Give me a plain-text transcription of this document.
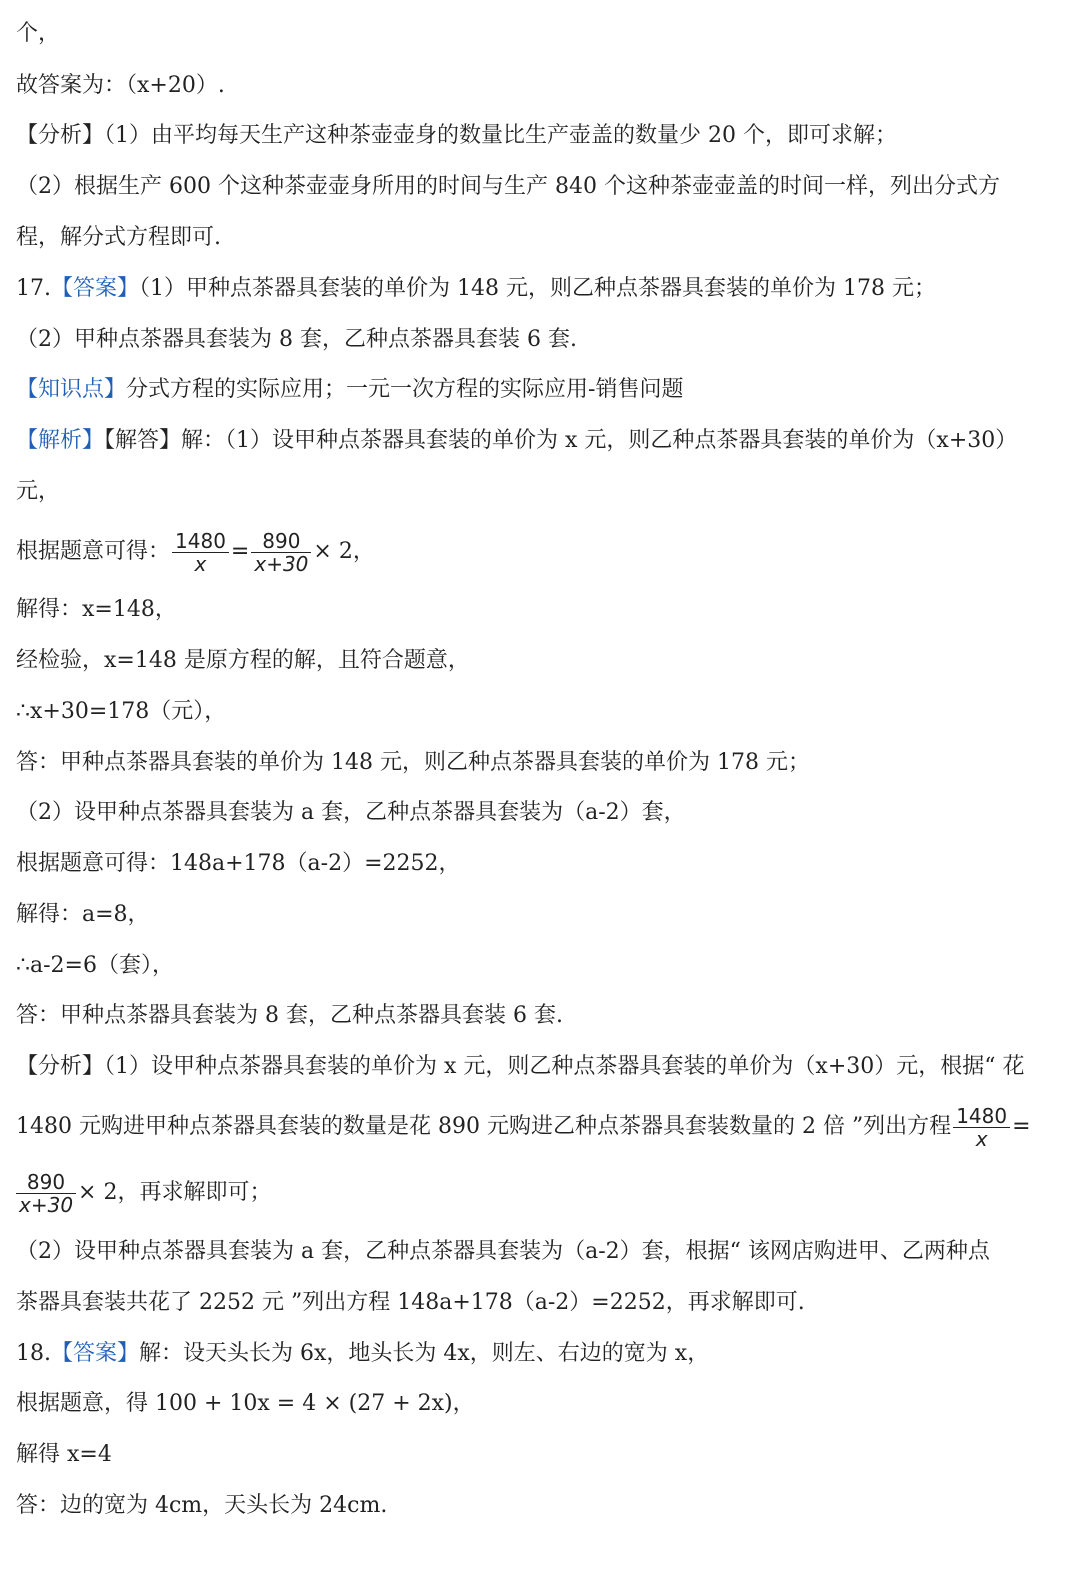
个，
故答案为：（x+20）.
【分析】（1）由平均每天生产这种茶壶壶身的数量比生产壶盖的数量少 20 个，即可求解；
（2）根据生产 600 个这种茶壶壶身所用的时间与生产 840 个这种茶壶壶盖的时间一样，列出分式方
程，解分式方程即可.
17.【答案】（1）甲种点茶器具套装的单价为 148 元，则乙种点茶器具套装的单价为 178 元；
（2）甲种点茶器具套装为 8 套，乙种点茶器具套装 6 套.
【知识点】分式方程的实际应用；一元一次方程的实际应用-销售问题
【解析】【解答】解：（1）设甲种点茶器具套装的单价为 x 元，则乙种点茶器具套装的单价为（x+30）
元，
根据题意可得： $\frac{1480}{x} = \frac{890}{x+30} \times 2$，
解得：x=148，
经检验，x=148 是原方程的解，且符合题意，
∴x+30=178（元），
答：甲种点茶器具套装的单价为 148 元，则乙种点茶器具套装的单价为 178 元；
（2）设甲种点茶器具套装为 a 套，乙种点茶器具套装为（a-2）套，
根据题意可得：148a+178（a-2）=2252，
解得：a=8，
∴a-2=6（套），
答：甲种点茶器具套装为 8 套，乙种点茶器具套装 6 套.
【分析】（1）设甲种点茶器具套装的单价为 x 元，则乙种点茶器具套装的单价为（x+30）元，根据“ 花
1480 元购进甲种点茶器具套装的数量是花 890 元购进乙种点茶器具套装数量的 2 倍 ”列出方程 $\frac{1480}{x}$ =
$\frac{890}{x+30} \times 2$，再求解即可；
（2）设甲种点茶器具套装为 a 套，乙种点茶器具套装为（a-2）套，根据“ 该网店购进甲、乙两种点
茶器具套装共花了 2252 元 ”列出方程 148a+178（a-2）=2252，再求解即可.
18.【答案】解：设天头长为 6x，地头长为 4x，则左、右边的宽为 x，
根据题意，得 100 + 10x = 4 × (27 + 2x)，
解得 x=4
答：边的宽为 4cm，天头长为 24cm.
